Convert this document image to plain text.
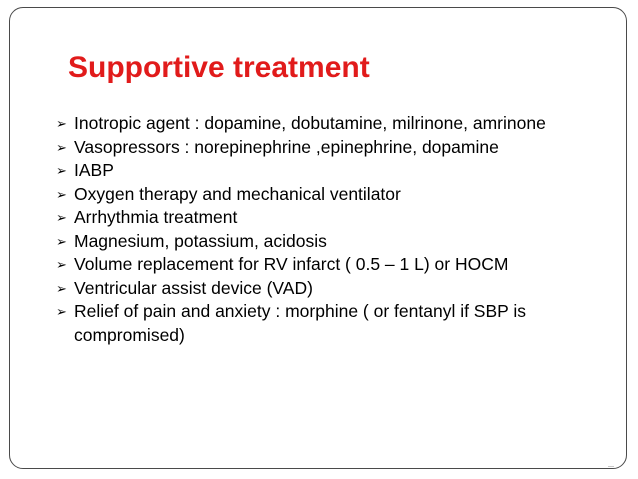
Supportive treatment
➢ Inotropic agent : dopamine, dobutamine, milrinone, amrinone
➢ Vasopressors : norepinephrine ,epinephrine, dopamine
➢ IABP
➢ Oxygen therapy and mechanical ventilator
➢ Arrhythmia treatment
➢ Magnesium, potassium, acidosis
➢ Volume replacement for RV infarct ( 0.5 – 1 L) or HOCM
➢ Ventricular assist device (VAD)
➢ Relief of pain and anxiety : morphine ( or fentanyl if SBP is compromised)
